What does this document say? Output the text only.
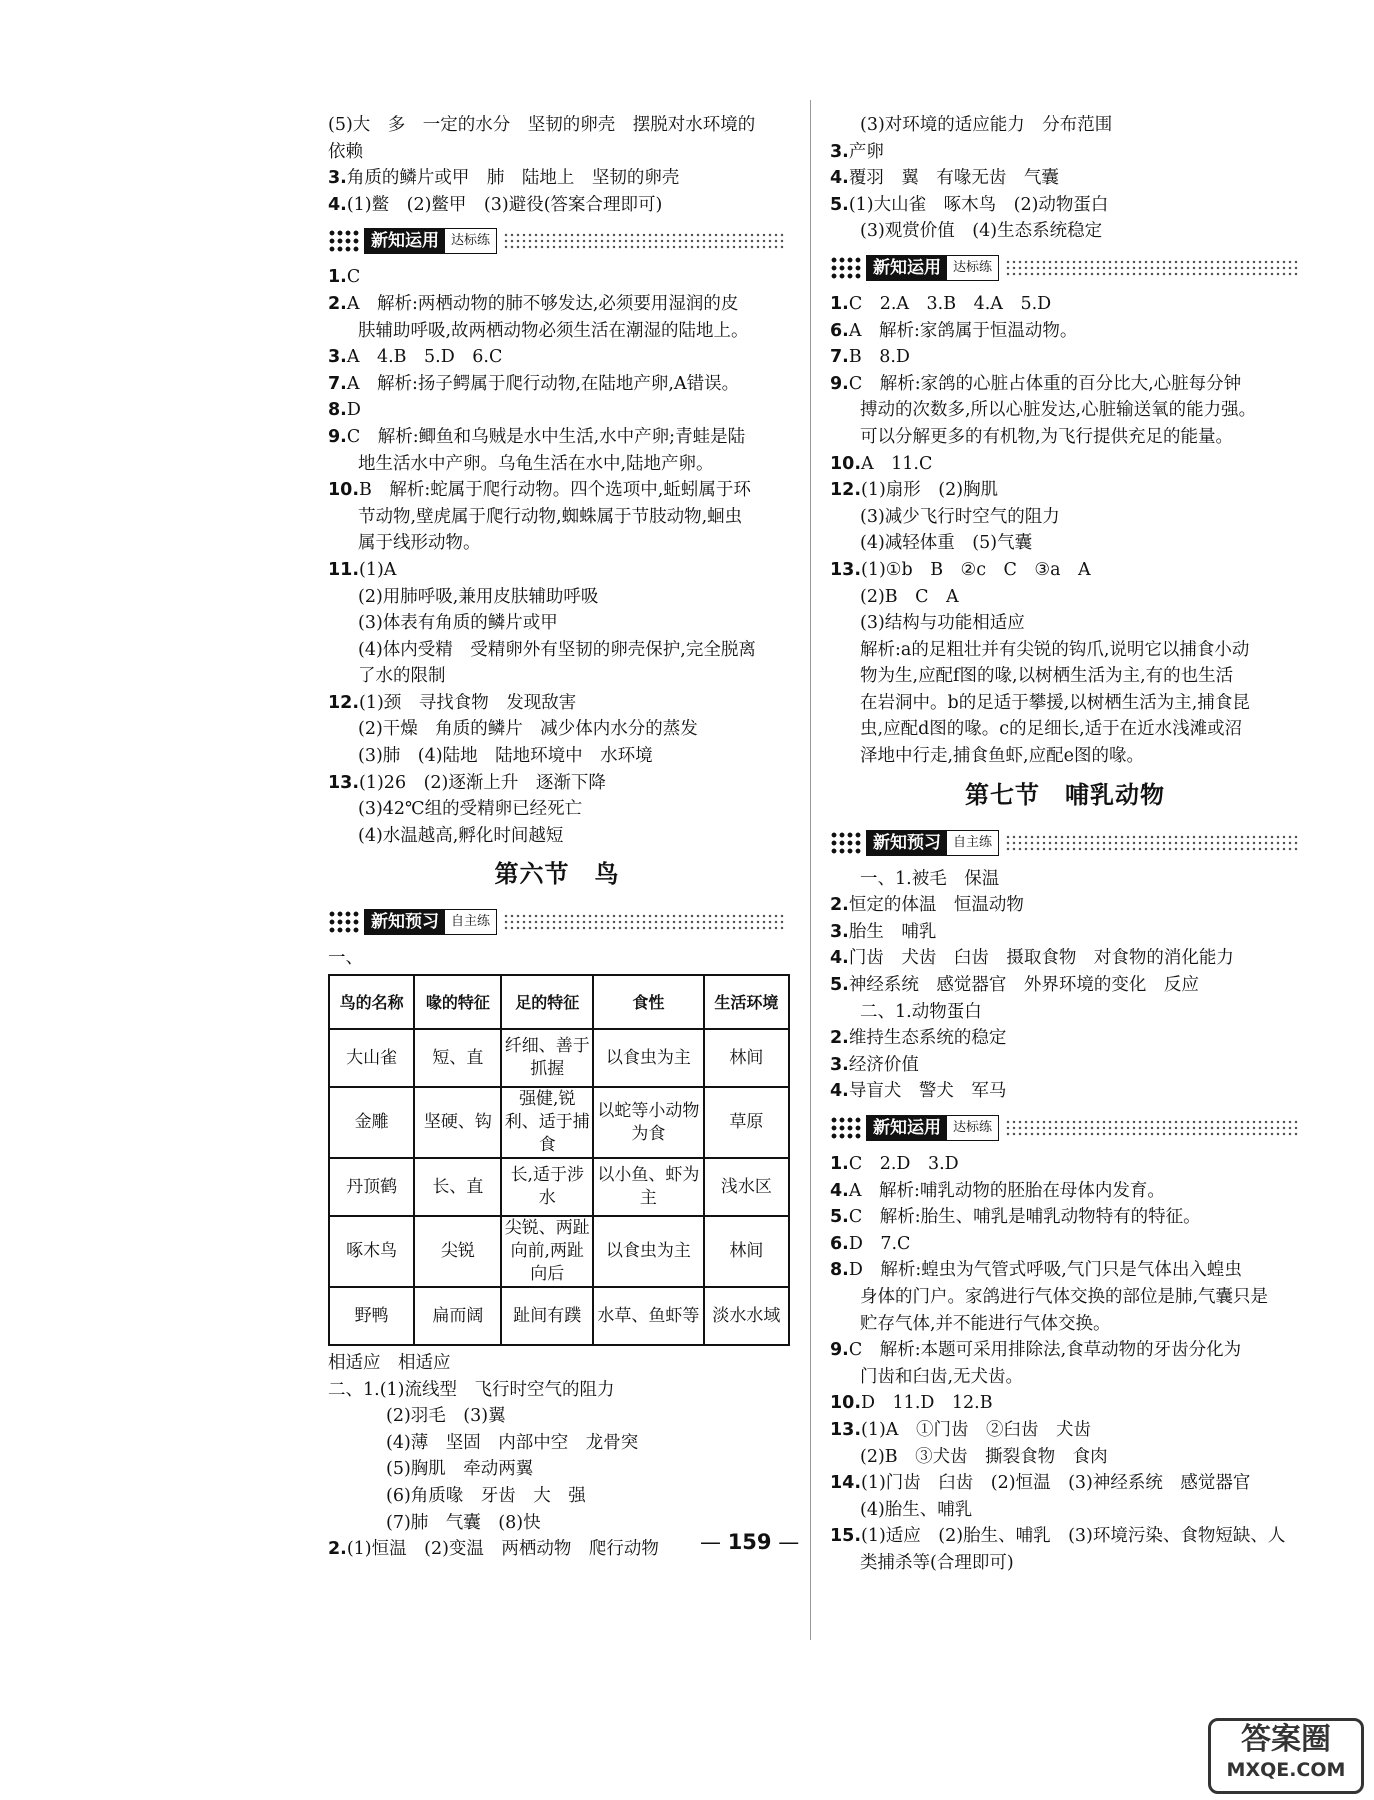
(5)大　多　一定的水分　坚韧的卵壳　摆脱对水环境的
依赖
3.角质的鳞片或甲　肺　陆地上　坚韧的卵壳
4.(1)鳖　(2)鳖甲　(3)避役(答案合理即可)
新知运用 达标练
1.C
2.A　解析:两栖动物的肺不够发达,必须要用湿润的皮
肤辅助呼吸,故两栖动物必须生活在潮湿的陆地上。
3.A　4.B　5.D　6.C
7.A　解析:扬子鳄属于爬行动物,在陆地产卵,A错误。
8.D
9.C　解析:鲫鱼和乌贼是水中生活,水中产卵;青蛙是陆
地生活水中产卵。乌龟生活在水中,陆地产卵。
10.B　解析:蛇属于爬行动物。四个选项中,蚯蚓属于环
节动物,壁虎属于爬行动物,蜘蛛属于节肢动物,蛔虫
属于线形动物。
11.(1)A
(2)用肺呼吸,兼用皮肤辅助呼吸
(3)体表有角质的鳞片或甲
(4)体内受精　受精卵外有坚韧的卵壳保护,完全脱离
了水的限制
12.(1)颈　寻找食物　发现敌害
(2)干燥　角质的鳞片　减少体内水分的蒸发
(3)肺　(4)陆地　陆地环境中　水环境
13.(1)26　(2)逐渐上升　逐渐下降
(3)42℃组的受精卵已经死亡
(4)水温越高,孵化时间越短
第六节　鸟
新知预习 自主练
一、
鸟的名称	喙的特征	足的特征	食性	生活环境
大山雀	短、直	纤细、善于抓握	以食虫为主	林间
金雕	坚硬、钩	强健,锐利、适于捕食	以蛇等小动物为食	草原
丹顶鹤	长、直	长,适于涉水	以小鱼、虾为主	浅水区
啄木鸟	尖锐	尖锐、两趾向前,两趾向后	以食虫为主	林间
野鸭	扁而阔	趾间有蹼	水草、鱼虾等	淡水水域
相适应　相适应
二、1.(1)流线型　飞行时空气的阻力
(2)羽毛　(3)翼
(4)薄　坚固　内部中空　龙骨突
(5)胸肌　牵动两翼
(6)角质喙　牙齿　大　强
(7)肺　气囊　(8)快
2.(1)恒温　(2)变温　两栖动物　爬行动物
(3)对环境的适应能力　分布范围
3.产卵
4.覆羽　翼　有喙无齿　气囊
5.(1)大山雀　啄木鸟　(2)动物蛋白
(3)观赏价值　(4)生态系统稳定
新知运用 达标练
1.C　2.A　3.B　4.A　5.D
6.A　解析:家鸽属于恒温动物。
7.B　8.D
9.C　解析:家鸽的心脏占体重的百分比大,心脏每分钟
搏动的次数多,所以心脏发达,心脏输送氧的能力强。
可以分解更多的有机物,为飞行提供充足的能量。
10.A　11.C
12.(1)扇形　(2)胸肌
(3)减少飞行时空气的阻力
(4)减轻体重　(5)气囊
13.(1)①b　B　②c　C　③a　A
(2)B　C　A
(3)结构与功能相适应
解析:a的足粗壮并有尖锐的钩爪,说明它以捕食小动
物为生,应配f图的喙,以树栖生活为主,有的也生活
在岩洞中。b的足适于攀援,以树栖生活为主,捕食昆
虫,应配d图的喙。c的足细长,适于在近水浅滩或沼
泽地中行走,捕食鱼虾,应配e图的喙。
第七节　哺乳动物
新知预习 自主练
一、1.被毛　保温
2.恒定的体温　恒温动物
3.胎生　哺乳
4.门齿　犬齿　臼齿　摄取食物　对食物的消化能力
5.神经系统　感觉器官　外界环境的变化　反应
二、1.动物蛋白
2.维持生态系统的稳定
3.经济价值
4.导盲犬　警犬　军马
新知运用 达标练
1.C　2.D　3.D
4.A　解析:哺乳动物的胚胎在母体内发育。
5.C　解析:胎生、哺乳是哺乳动物特有的特征。
6.D　7.C
8.D　解析:蝗虫为气管式呼吸,气门只是气体出入蝗虫
身体的门户。家鸽进行气体交换的部位是肺,气囊只是
贮存气体,并不能进行气体交换。
9.C　解析:本题可采用排除法,食草动物的牙齿分化为
门齿和臼齿,无犬齿。
10.D　11.D　12.B
13.(1)A　①门齿　②臼齿　犬齿
(2)B　③犬齿　撕裂食物　食肉
14.(1)门齿　臼齿　(2)恒温　(3)神经系统　感觉器官
(4)胎生、哺乳
15.(1)适应　(2)胎生、哺乳　(3)环境污染、食物短缺、人
类捕杀等(合理即可)
— 159 —
答案圈
MXQE.COM
